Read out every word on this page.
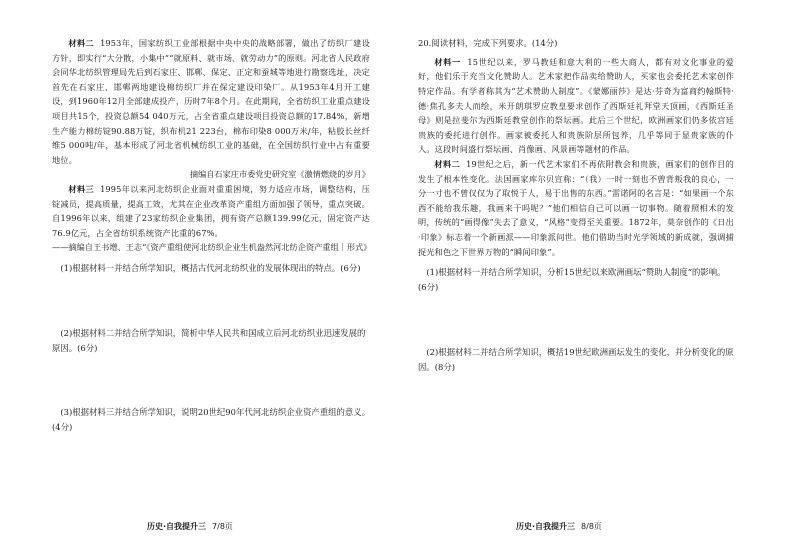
材料二 1953年，国家纺织工业部根据中央中央的战略部署，做出了纺织厂建设方针，即实行“大分散，小集中”“就原料、就市场、就劳动力”的原则。河北省人民政府会同华北纺织管理局先后到石家庄、邯郸、保定、正定和蚕城等地进行勘察选址，决定首先在石家庄、邯郸两地建设棉纺织厂并在保定建设印染厂。从1953年4月开工建设，到1960年12月全部建成投产，历时7年8个月。在此期间，全省纺织工业重点建设项目共15个，投资总额54 040万元，占全省重点建设项目投资总额的17.84%，新增生产能力棉纺锭90.88万锭，织布机21 223台，棉布印染8 000万米/年，粘胶长丝纤维5 000吨/年，基本形成了河北省机械纺织工业的基础，在全国纺织行业中占有重要地位。

摘编自石家庄市委党史研究室《激情燃烧的岁月》

材料三 1995年以来河北纺织企业面对重重困境，努力适应市场，调整结构，压锭减员，提高质量，提高工效，尤其在企业改革资产重组方面加强了领导，重点突破。自1996年以来，组建了23家纺织企业集团，拥有资产总额139.99亿元，固定资产达76.9亿元，占全省纺织系统资产比重的67%。

——摘编自王书增、王志“《资产重组使河北纺织企业生机盎然河北纺企资产重组｜形式》

(1)根据材料一并结合所学知识，概括古代河北纺织业的发展体现出的特点。(6分)

(2)根据材料二并结合所学知识，简析中华人民共和国成立后河北纺织业迅速发展的原因。(6分)

(3)根据材料三并结合所学知识，说明20世纪90年代河北纺织企业资产重组的意义。(4分)

历史·自我提升三 7/8页

20.阅读材料，完成下列要求。(14分)

材料一 15世纪以来，罗马教廷和意大利的一些大商人，都有对文化事业的爱好，他们乐于充当文化赞助人。艺术家把作品卖给赞助人，买家也会委托艺术家创作特定作品。有学者称其为“艺术赞助人制度”。《蒙娜丽莎》是达·芬奇为富商约翰斯特·德·焦孔多夫人而绘，米开朗琪罗应教皇要求创作了西斯廷礼拜堂天顶画，《西斯廷圣母》则是拉斐尔为西斯廷教堂创作的祭坛画。此后三个世纪，欧洲画家们仍多依宫廷贵族的委托进行创作。画家被委托人和贵族阶层所包养，几乎等同于显贵家族的仆人。这段时间盛行祭坛画、肖像画、风景画等题材的作品。

材料二 19世纪之后，新一代艺术家们不再依附教会和贵族，画家们的创作目的发生了根本性变化。法国画家库尔贝宣称：“（我）一时一刻也不曾背叛我的良心，一分一寸也不曾仅仅为了取悦于人，易于出售的东西。”雷诺阿的名言是：“如果画一个东西不能给我乐趣，我画来干吗呢？”他们相信自己可以画一切事物。随着照相术的发明，传统的“画得像”失去了意义，“风格”变得至关重要。1872年，莫奈创作的《日出·印象》标志着一个新画派——印象派问世。他们借助当时光学领域的新成就，强调捕捉光和色之下世界万物的“瞬间印象”。

(1)根据材料一并结合所学知识，分析15世纪以来欧洲画坛“赞助人制度”的影响。(6分)

(2)根据材料二并结合所学知识，概括19世纪欧洲画坛发生的变化，并分析变化的原因。(8分)

历史·自我提升三 8/8页
